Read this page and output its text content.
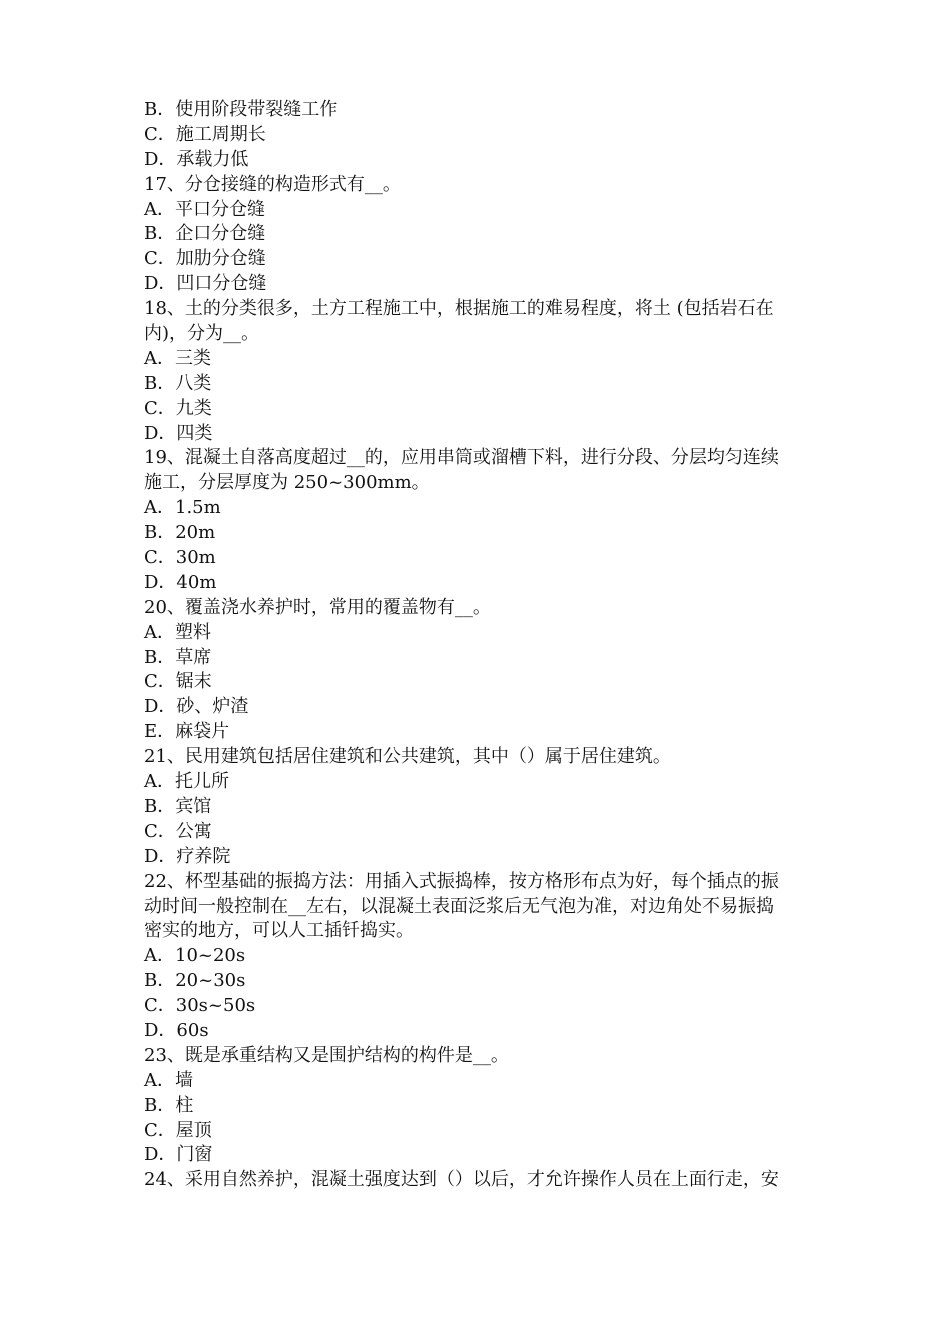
B．使用阶段带裂缝工作
C．施工周期长
D．承载力低
17、分仓接缝的构造形式有__。
A．平口分仓缝
B．企口分仓缝
C．加肋分仓缝
D．凹口分仓缝
18、土的分类很多，土方工程施工中，根据施工的难易程度，将土 (包括岩石在
内)，分为__。
A．三类
B．八类
C．九类
D．四类
19、混凝土自落高度超过__的，应用串筒或溜槽下料，进行分段、分层均匀连续
施工，分层厚度为 250~300mm。
A．1.5m
B．20m
C．30m
D．40m
20、覆盖浇水养护时，常用的覆盖物有__。
A．塑料
B．草席
C．锯末
D．砂、炉渣
E．麻袋片
21、民用建筑包括居住建筑和公共建筑，其中（）属于居住建筑。
A．托儿所
B．宾馆
C．公寓
D．疗养院
22、杯型基础的振捣方法：用插入式振捣棒，按方格形布点为好，每个插点的振
动时间一般控制在__左右，以混凝土表面泛浆后无气泡为准，对边角处不易振捣
密实的地方，可以人工插钎捣实。
A．10~20s
B．20~30s
C．30s~50s
D．60s
23、既是承重结构又是围护结构的构件是__。
A．墙
B．柱
C．屋顶
D．门窗
24、采用自然养护，混凝土强度达到（）以后，才允许操作人员在上面行走，安
